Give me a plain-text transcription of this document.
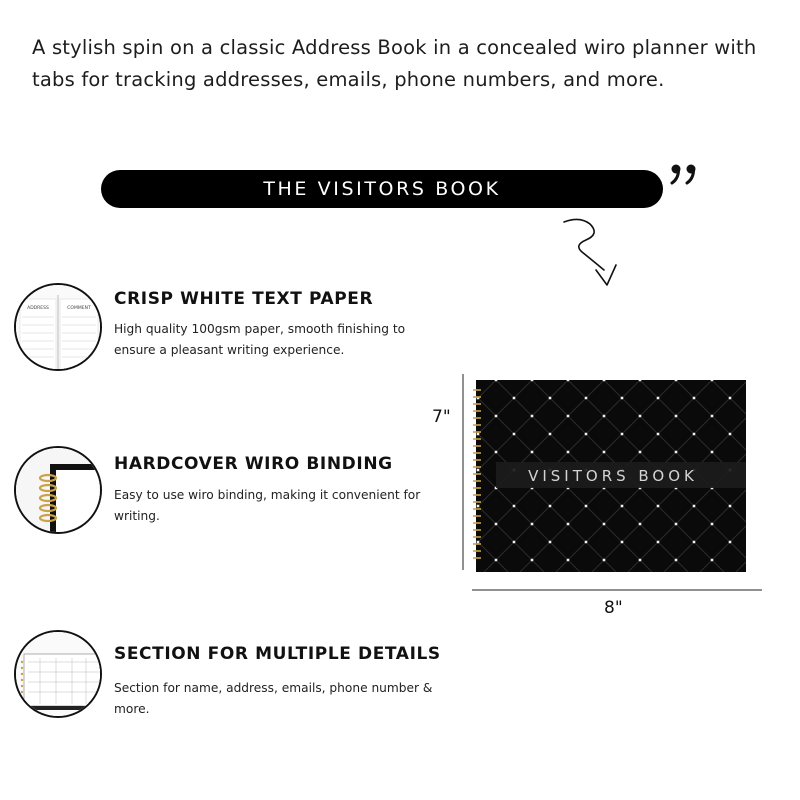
A stylish spin on a classic Address Book in a concealed wiro planner with tabs for tracking addresses, emails, phone numbers, and more.
THE VISITORS BOOK
ADDRESS	COMMENT CRISP WHITE TEXT PAPER
High quality 100gsm paper, smooth finishing to ensure a pleasant writing experience.
HARDCOVER WIRO BINDING
Easy to use wiro binding, making it convenient for writing.
SECTION FOR MULTIPLE DETAILS
Section for name, address, emails, phone number & more.
VISITORS BOOK
7"
8"
